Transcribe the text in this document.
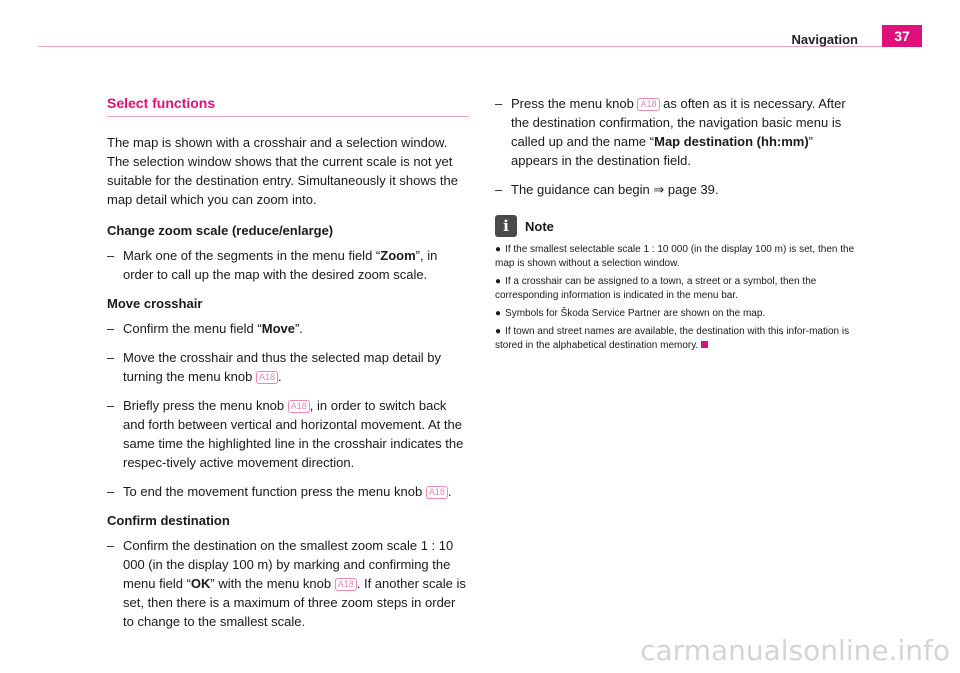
Navigation	37
Select functions

The map is shown with a crosshair and a selection window. The selection window shows that the current scale is not yet suitable for the destination entry. Simultaneously it shows the map detail which you can zoom into.

Change zoom scale (reduce/enlarge)
– Mark one of the segments in the menu field “Zoom”, in order to call up the map with the desired zoom scale.
Move crosshair
– Confirm the menu field “Move”.
– Move the crosshair and thus the selected map detail by turning the menu knob A18 .
– Briefly press the menu knob A18 , in order to switch back and forth between vertical and horizontal movement. At the same time the highlighted line in the crosshair indicates the respec-tively active movement direction.
– To end the movement function press the menu knob A18 .
Confirm destination
– Confirm the destination on the smallest zoom scale 1 : 10 000 (in the display 100 m) by marking and confirming the menu field “OK” with the menu knob A18 . If another scale is set, then there is a maximum of three zoom steps in order to change to the smallest scale.
– Press the menu knob A18 as often as it is necessary. After the destination confirmation, the navigation basic menu is called up and the name “Map destination (hh:mm)” appears in the destination field.
– The guidance can begin ⇒ page 39.
i	Note
● If the smallest selectable scale 1 : 10 000 (in the display 100 m) is set, then the map is shown without a selection window.
● If a crosshair can be assigned to a town, a street or a symbol, then the corresponding information is indicated in the menu bar.
● Symbols for Škoda Service Partner are shown on the map.
● If town and street names are available, the destination with this infor-mation is stored in the alphabetical destination memory.
carmanualsonline.info
